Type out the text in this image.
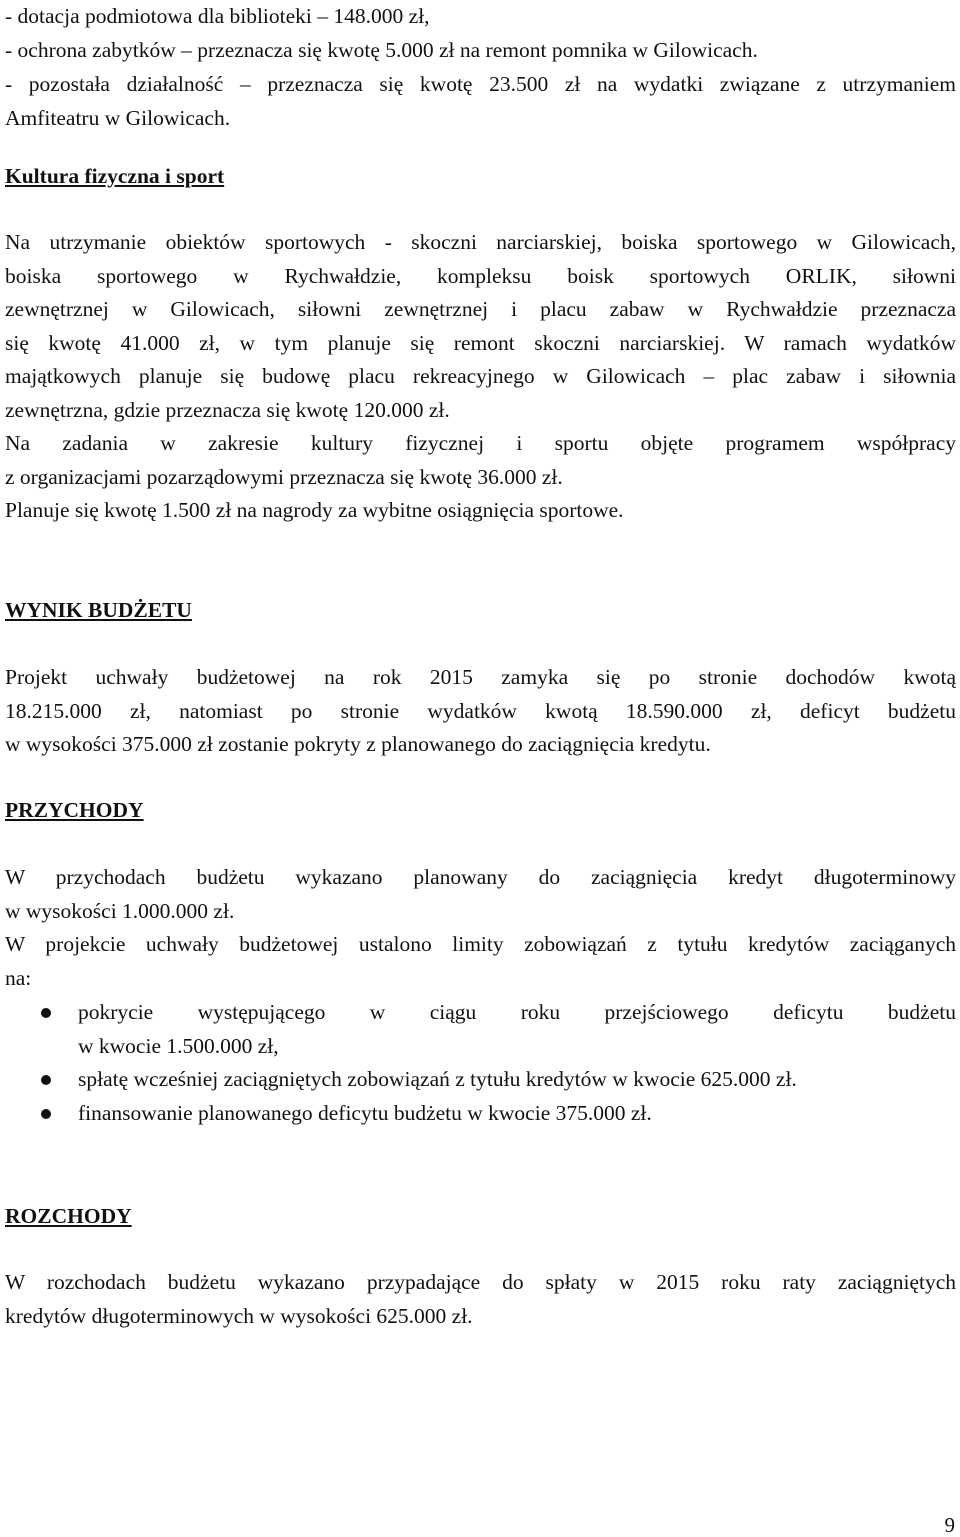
- dotacja podmiotowa dla biblioteki – 148.000 zł,

- ochrona zabytków – przeznacza się kwotę 5.000 zł na remont pomnika w Gilowicach.

- pozostała działalność – przeznacza się kwotę 23.500 zł na wydatki związane z utrzymaniem

Amfiteatru w Gilowicach.

Kultura fizyczna i sport

Na utrzymanie obiektów sportowych - skoczni narciarskiej, boiska sportowego w Gilowicach,

boiska sportowego w Rychwałdzie, kompleksu boisk sportowych ORLIK, siłowni

zewnętrznej w Gilowicach, siłowni zewnętrznej i placu zabaw w Rychwałdzie przeznacza

się kwotę 41.000 zł, w tym planuje się remont skoczni narciarskiej. W ramach wydatków

majątkowych planuje się budowę placu rekreacyjnego w Gilowicach – plac zabaw i siłownia

zewnętrzna, gdzie przeznacza się kwotę 120.000 zł.

Na zadania w zakresie kultury fizycznej i sportu objęte programem współpracy

z organizacjami pozarządowymi przeznacza się kwotę 36.000 zł.

Planuje się kwotę 1.500 zł na nagrody za wybitne osiągnięcia sportowe.

WYNIK BUDŻETU

Projekt uchwały budżetowej na rok 2015 zamyka się po stronie dochodów kwotą

18.215.000 zł, natomiast po stronie wydatków kwotą 18.590.000 zł, deficyt budżetu

w wysokości 375.000 zł zostanie pokryty z planowanego do zaciągnięcia kredytu.

PRZYCHODY

W przychodach budżetu wykazano planowany do zaciągnięcia kredyt długoterminowy

w wysokości 1.000.000 zł.

W projekcie uchwały budżetowej ustalono limity zobowiązań z tytułu kredytów zaciąganych

na:

pokrycie występującego w ciągu roku przejściowego deficytu budżetu

w kwocie 1.500.000 zł,

spłatę wcześniej zaciągniętych zobowiązań z tytułu kredytów w kwocie 625.000 zł.

finansowanie planowanego deficytu budżetu w kwocie 375.000 zł.

ROZCHODY

W rozchodach budżetu wykazano przypadające do spłaty w 2015 roku raty zaciągniętych

kredytów długoterminowych w wysokości 625.000 zł.

9
